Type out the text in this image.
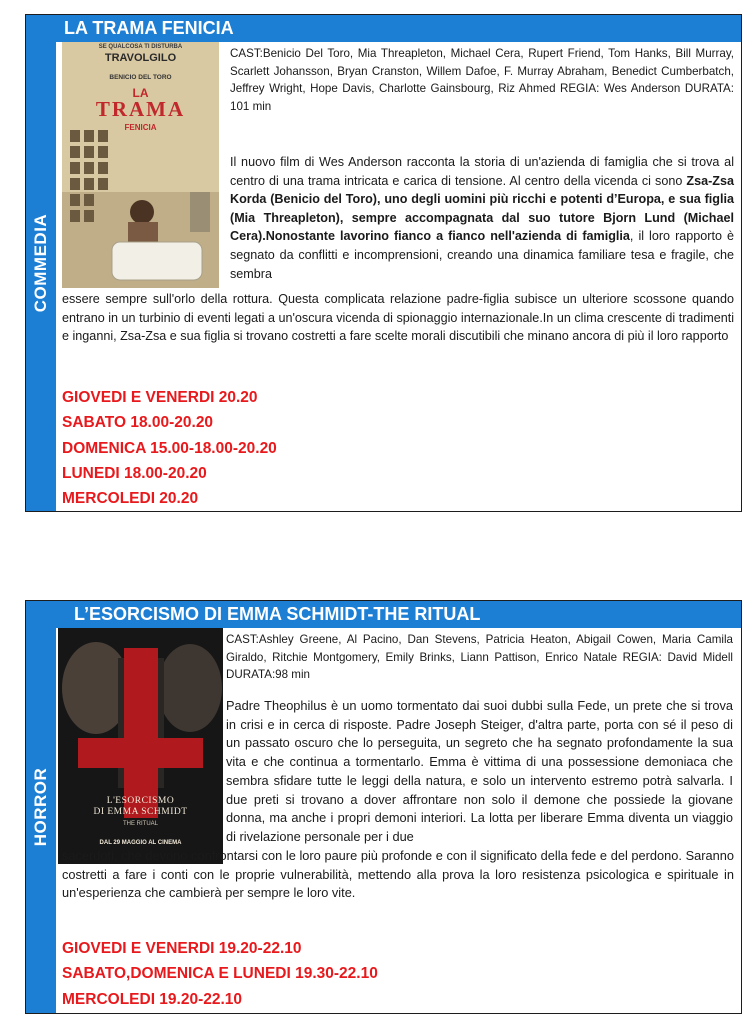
COMMEDIA
LA TRAMA FENICIA
SE QUALCOSA TI DISTURBA
TRAVOLGILO
BENICIO DEL TORO
LA
TRAMA
FENICIA
CAST:Benicio Del Toro, Mia Threapleton, Michael Cera, Rupert Friend, Tom Hanks, Bill Murray, Scarlett Johansson, Bryan Cranston, Willem Dafoe, F. Murray Abraham, Benedict Cumberbatch, Jeffrey Wright, Hope Davis, Charlotte Gainsbourg, Riz Ahmed REGIA: Wes Anderson DURATA: 101 min
Il nuovo film di Wes Anderson racconta la storia di un'azienda di famiglia che si trova al centro di una trama intricata e carica di tensione. Al centro della vicenda ci sono Zsa-Zsa Korda (Benicio del Toro), uno degli uomini più ricchi e potenti d’Europa, e sua figlia (Mia Threapleton), sempre accompagnata dal suo tutore Bjorn Lund (Michael Cera).Nonostante lavorino fianco a fianco nell'azienda di famiglia, il loro rapporto è segnato da conflitti e incomprensioni, creando una dinamica familiare tesa e fragile, che sembra
essere sempre sull'orlo della rottura. Questa complicata relazione padre-figlia subisce un ulteriore scossone quando entrano in un turbinio di eventi legati a un'oscura vicenda di spionaggio internazionale.In un clima crescente di tradimenti e inganni, Zsa-Zsa e sua figlia si trovano costretti a fare scelte morali discutibili che minano ancora di più il loro rapporto
GIOVEDI E VENERDI 20.20
SABATO 18.00-20.20
DOMENICA 15.00-18.00-20.20
LUNEDI 18.00-20.20
MERCOLEDI 20.20
HORROR
L’ESORCISMO DI EMMA SCHMIDT-THE RITUAL
L'ESORCISMO
DI EMMA SCHMIDT
THE RITUAL
DAL 29 MAGGIO AL CINEMA
CAST:Ashley Greene, Al Pacino, Dan Stevens, Patricia Heaton, Abigail Cowen, Maria Camila Giraldo, Ritchie Montgomery, Emily Brinks, Liann Pattison, Enrico Natale REGIA: David Midell DURATA:98 min
Padre Theophilus è un uomo tormentato dai suoi dubbi sulla Fede, un prete che si trova in crisi e in cerca di risposte. Padre Joseph Steiger, d'altra parte, porta con sé il peso di un passato oscuro che lo perseguita, un segreto che ha segnato profondamente la sua vita e che continua a tormentarlo. Emma è vittima di una possessione demoniaca che sembra sfidare tutte le leggi della natura, e solo un intervento estremo potrà salvarla. I due preti si trovano a dover affrontare non solo il demone che possiede la giovane donna, ma anche i propri demoni interiori. La lotta per liberare Emma diventa un viaggio di rivelazione personale per i due
sacerdoti, che devono confrontarsi con le loro paure più profonde e con il significato della fede e del perdono. Saranno costretti a fare i conti con le proprie vulnerabilità, mettendo alla prova la loro resistenza psicologica e spirituale in un'esperienza che cambierà per sempre le loro vite.
GIOVEDI E VENERDI 19.20-22.10
SABATO,DOMENICA E LUNEDI 19.30-22.10
MERCOLEDI 19.20-22.10
